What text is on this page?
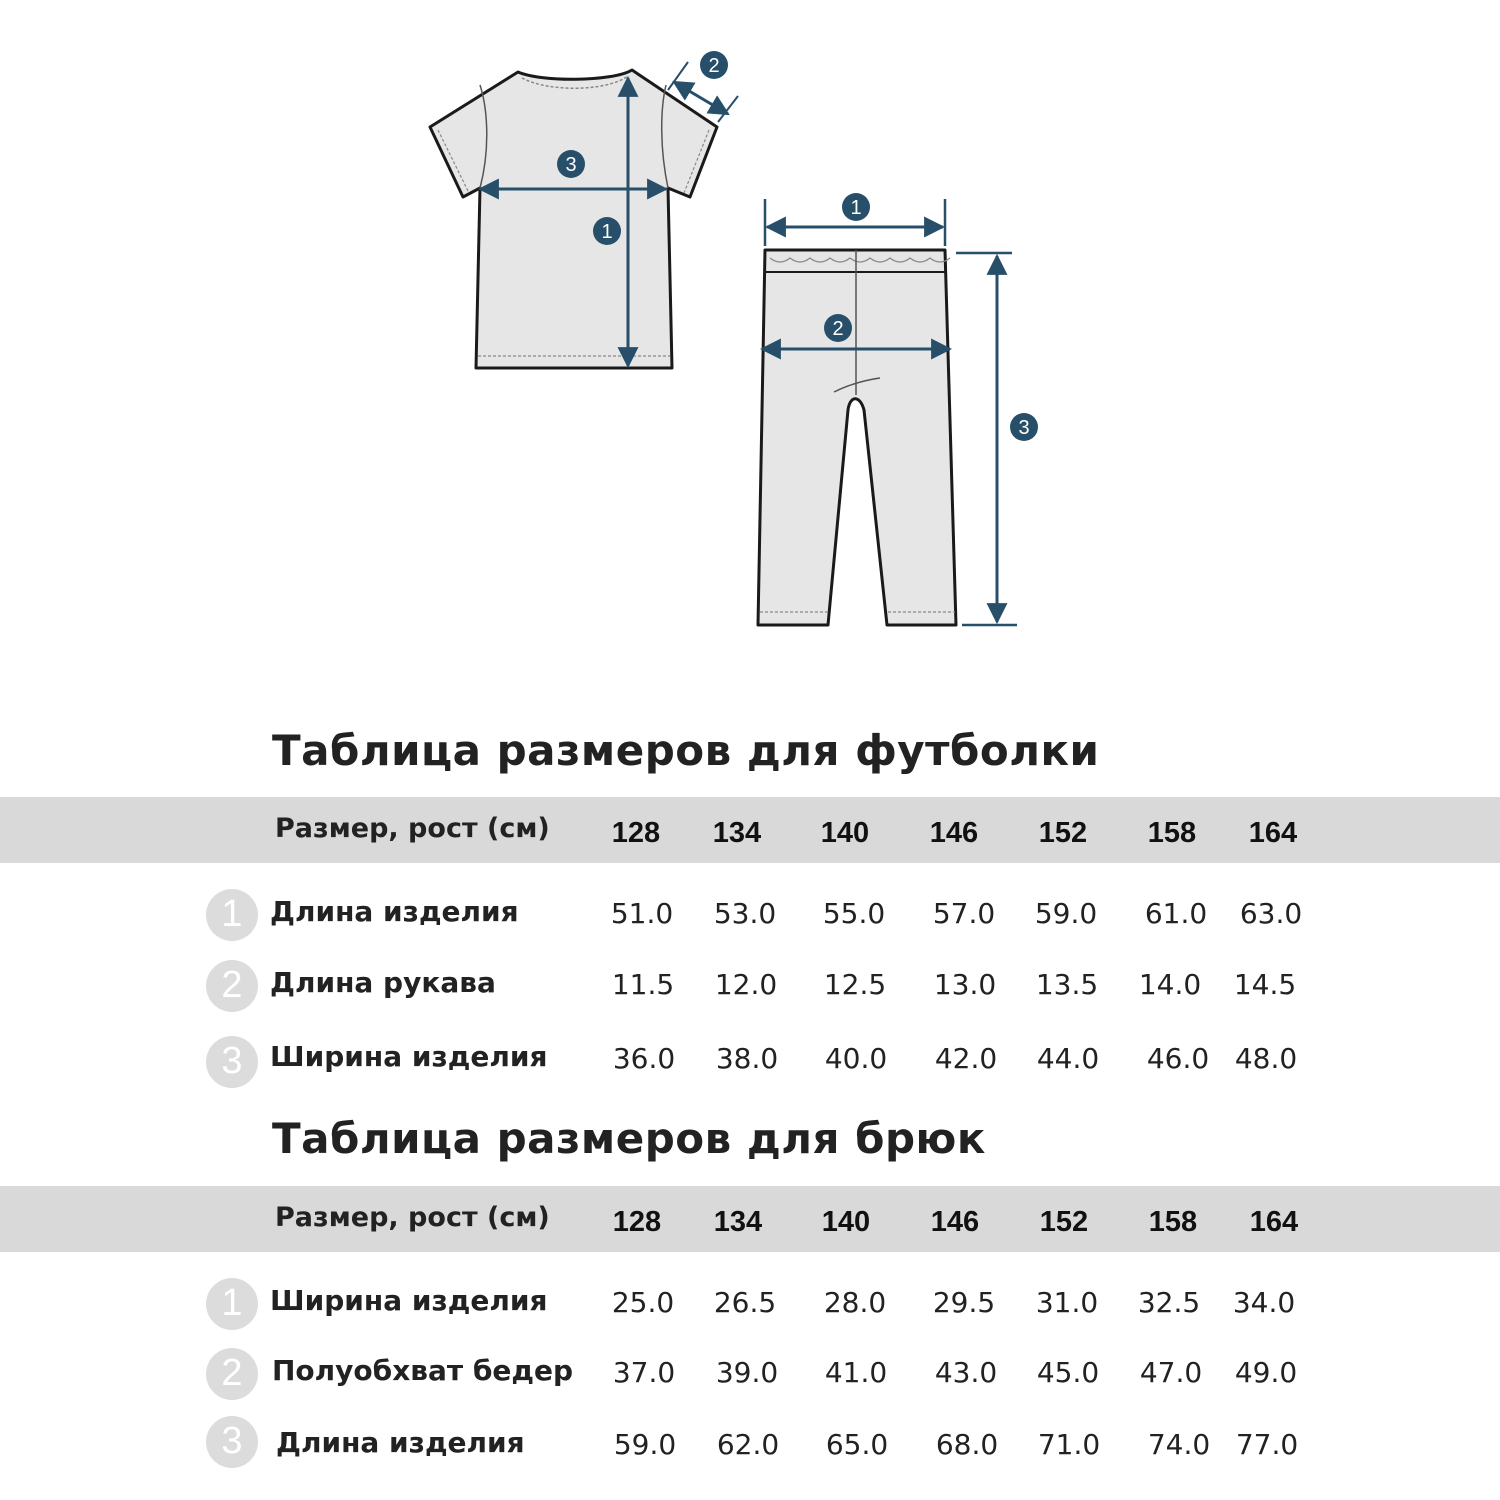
1
2
3
1
2
3
Таблица размеров для футболки
Размер, рост (см)	128	134	140	146	152	158	164
1 Длина изделия	51.0	53.0	55.0	57.0	59.0	61.0	63.0
2 Длина рукава	11.5	12.0	12.5	13.0	13.5	14.0	14.5
3 Ширина изделия	36.0	38.0	40.0	42.0	44.0	46.0 48.0
Таблица размеров для брюк
Размер, рост (см)	128	134	140	146	152	158	164
1 Ширина изделия	25.0	26.5	28.0	29.5	31.0	32.5	34.0
2	Полуобхват бедер	37.0	39.0	41.0	43.0	45.0	47.0	49.0
3	Длина изделия	59.0	62.0	65.0	68.0	71.0	74.0 77.0
